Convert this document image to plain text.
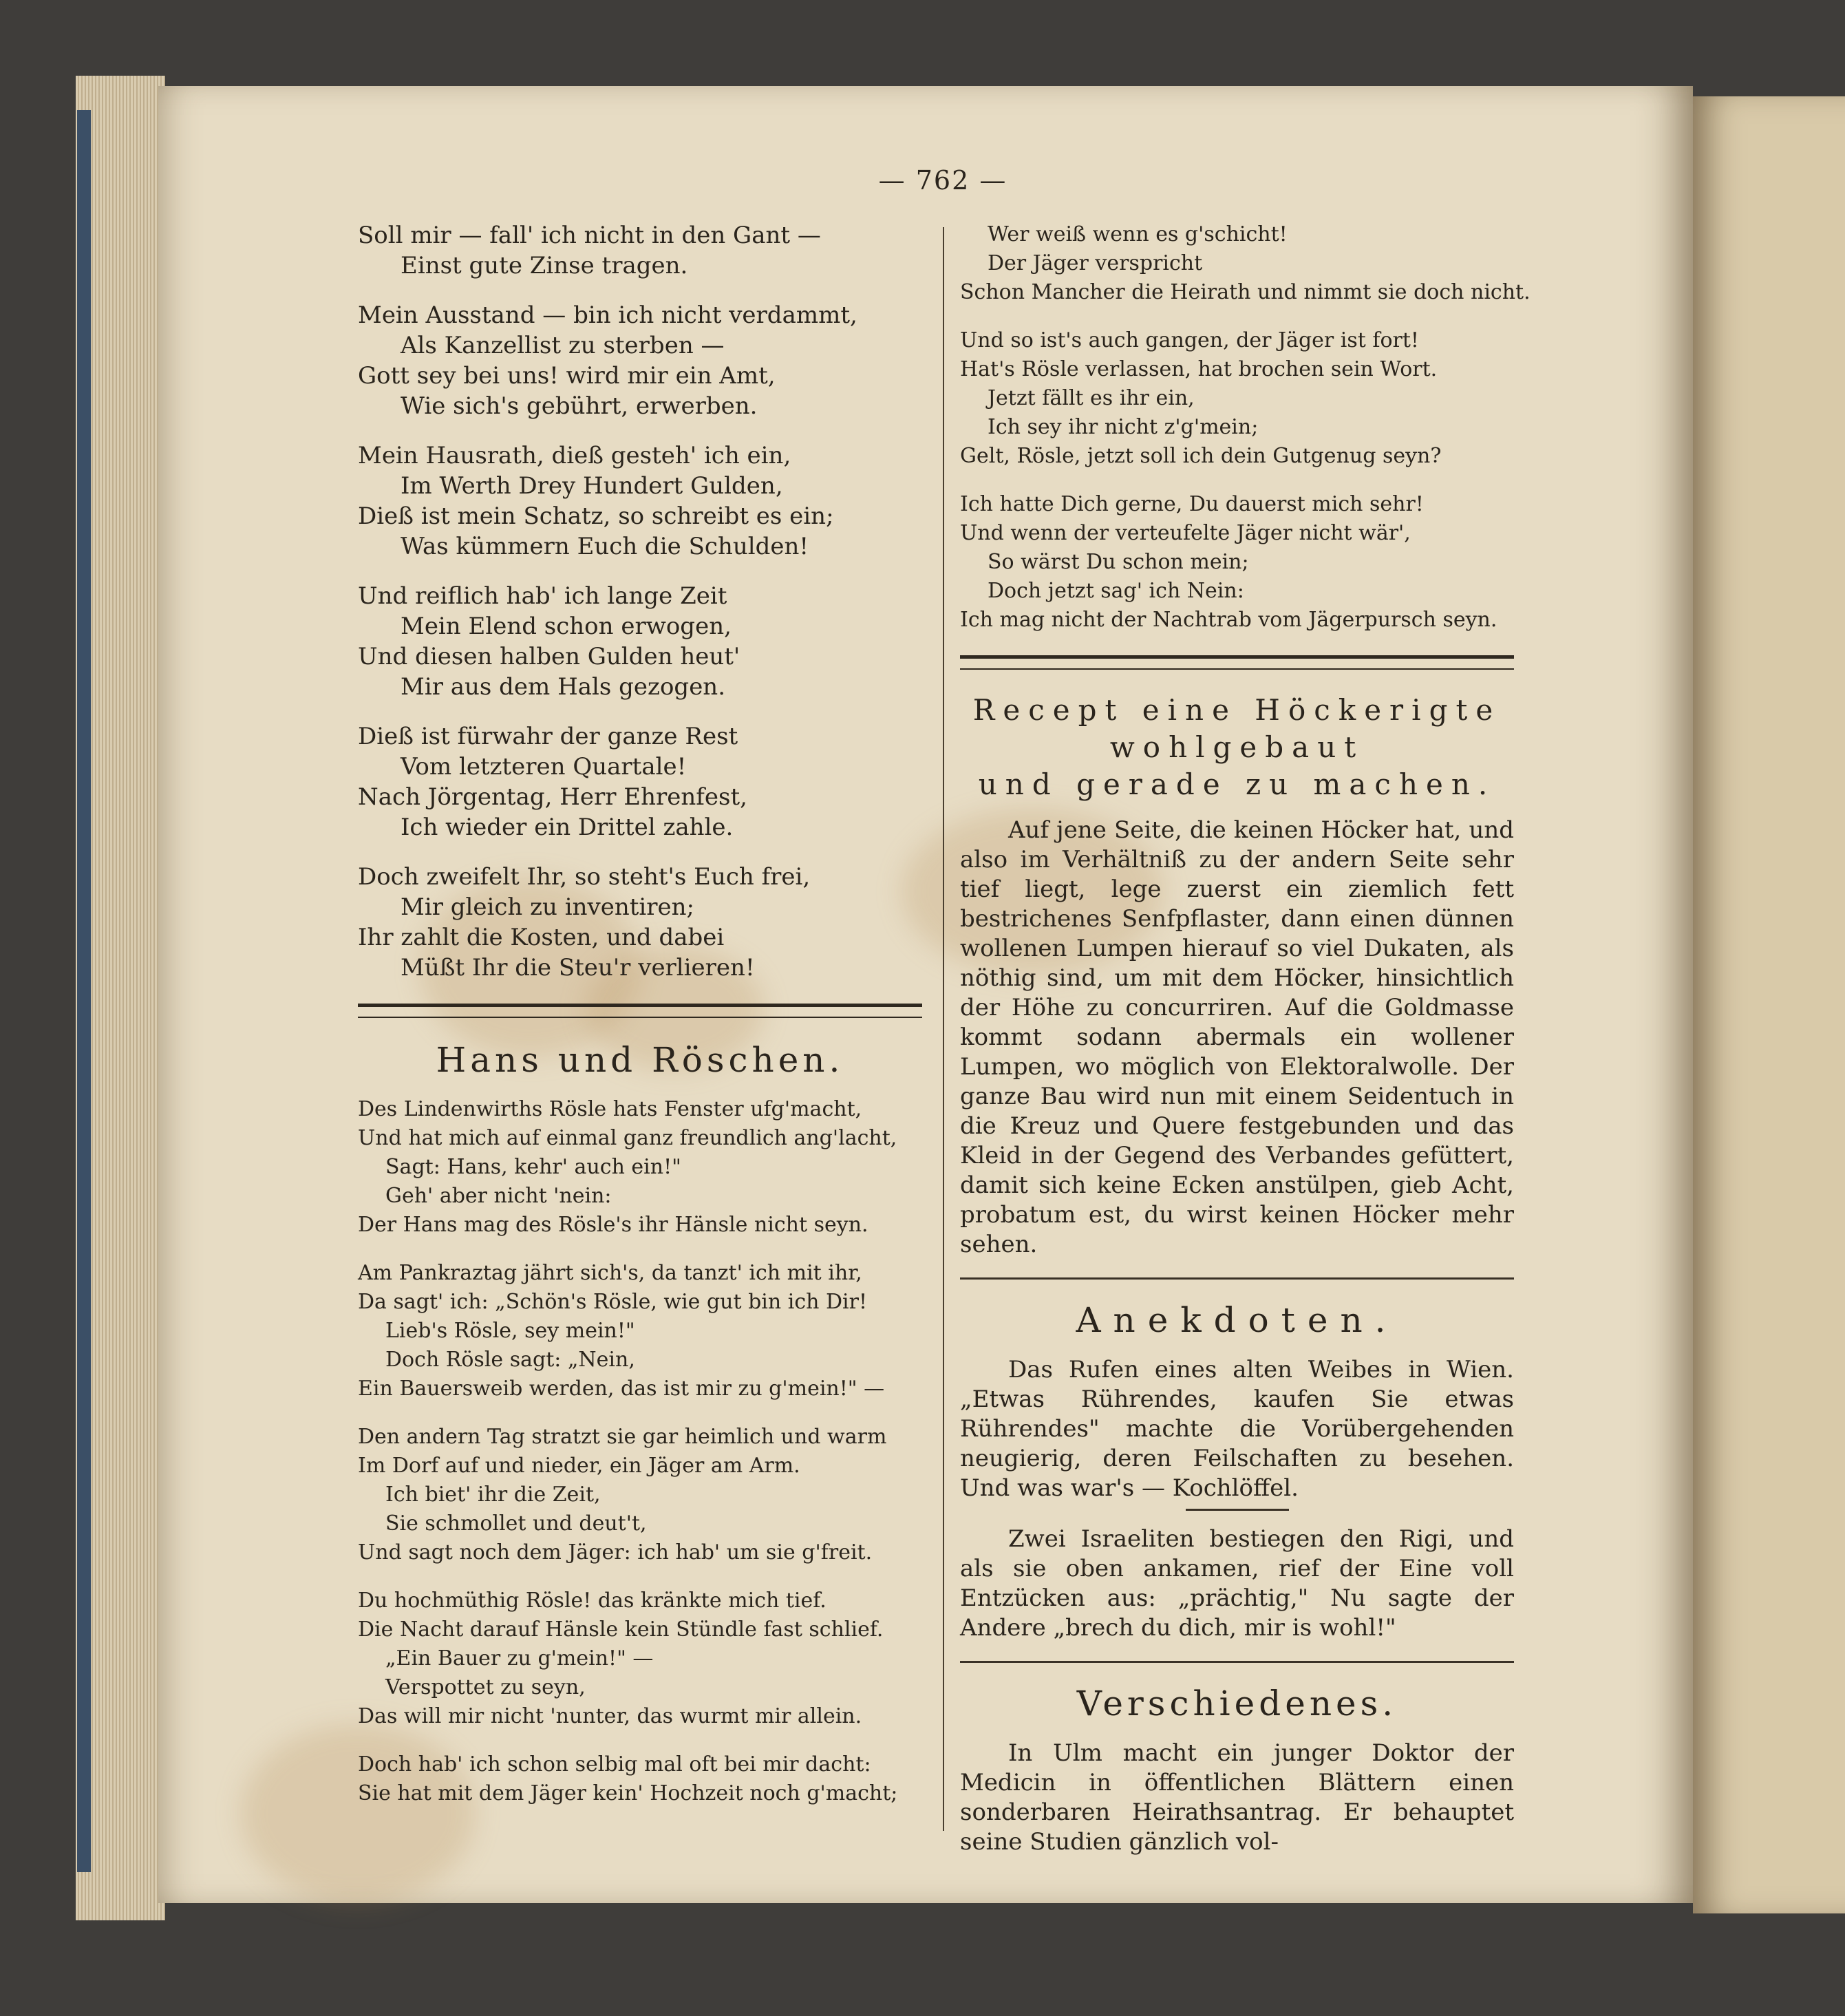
— 762 —
Soll mir — fall' ich nicht in den Gant —
Einst gute Zinse tragen.
Mein Ausstand — bin ich nicht verdammt,
Als Kanzellist zu sterben —
Gott sey bei uns! wird mir ein Amt,
Wie sich's gebührt, erwerben.
Mein Hausrath, dieß gesteh' ich ein,
Im Werth Drey Hundert Gulden,
Dieß ist mein Schatz, so schreibt es ein;
Was kümmern Euch die Schulden!
Und reiflich hab' ich lange Zeit
Mein Elend schon erwogen,
Und diesen halben Gulden heut'
Mir aus dem Hals gezogen.
Dieß ist fürwahr der ganze Rest
Vom letzteren Quartale!
Nach Jörgentag, Herr Ehrenfest,
Ich wieder ein Drittel zahle.
Doch zweifelt Ihr, so steht's Euch frei,
Mir gleich zu inventiren;
Ihr zahlt die Kosten, und dabei
Müßt Ihr die Steu'r verlieren!
Hans und Röschen.
Des Lindenwirths Rösle hats Fenster ufg'macht,
Und hat mich auf einmal ganz freundlich ang'lacht,
Sagt: Hans, kehr' auch ein!"
Geh' aber nicht 'nein:
Der Hans mag des Rösle's ihr Hänsle nicht seyn.
Am Pankraztag jährt sich's, da tanzt' ich mit ihr,
Da sagt' ich: „Schön's Rösle, wie gut bin ich Dir!
Lieb's Rösle, sey mein!"
Doch Rösle sagt: „Nein,
Ein Bauersweib werden, das ist mir zu g'mein!" —
Den andern Tag stratzt sie gar heimlich und warm
Im Dorf auf und nieder, ein Jäger am Arm.
Ich biet' ihr die Zeit,
Sie schmollet und deut't,
Und sagt noch dem Jäger: ich hab' um sie g'freit.
Du hochmüthig Rösle! das kränkte mich tief.
Die Nacht darauf Hänsle kein Stündle fast schlief.
„Ein Bauer zu g'mein!" —
Verspottet zu seyn,
Das will mir nicht 'nunter, das wurmt mir allein.
Doch hab' ich schon selbig mal oft bei mir dacht:
Sie hat mit dem Jäger kein' Hochzeit noch g'macht;
Wer weiß wenn es g'schicht!
Der Jäger verspricht
Schon Mancher die Heirath und nimmt sie doch nicht.
Und so ist's auch gangen, der Jäger ist fort!
Hat's Rösle verlassen, hat brochen sein Wort.
Jetzt fällt es ihr ein,
Ich sey ihr nicht z'g'mein;
Gelt, Rösle, jetzt soll ich dein Gutgenug seyn?
Ich hatte Dich gerne, Du dauerst mich sehr!
Und wenn der verteufelte Jäger nicht wär',
So wärst Du schon mein;
Doch jetzt sag' ich Nein:
Ich mag nicht der Nachtrab vom Jägerpursch seyn.
Recept eine Höckerigte wohlgebaut
und gerade zu machen.

Auf jene Seite, die keinen Höcker hat, und also im Verhältniß zu der andern Seite sehr tief liegt, lege zuerst ein ziemlich fett bestrichenes Senfpflaster, dann einen dünnen wollenen Lumpen hierauf so viel Dukaten, als nöthig sind, um mit dem Höcker, hinsichtlich der Höhe zu concurriren. Auf die Goldmasse kommt sodann abermals ein wollener Lumpen, wo möglich von Elektoralwolle. Der ganze Bau wird nun mit einem Seidentuch in die Kreuz und Quere festgebunden und das Kleid in der Gegend des Verbandes gefüttert, damit sich keine Ecken anstülpen, gieb Acht, probatum est, du wirst keinen Höcker mehr sehen.

Anekdoten.

Das Rufen eines alten Weibes in Wien. „Etwas Rührendes, kaufen Sie etwas Rührendes" machte die Vorübergehenden neugierig, deren Feilschaften zu besehen. Und was war's — Kochlöffel.

Zwei Israeliten bestiegen den Rigi, und als sie oben ankamen, rief der Eine voll Entzücken aus: „prächtig," Nu sagte der Andere „brech du dich, mir is wohl!"

Verschiedenes.

In Ulm macht ein junger Doktor der Medicin in öffentlichen Blättern einen sonderbaren Heirathsantrag. Er behauptet seine Studien gänzlich vol-
